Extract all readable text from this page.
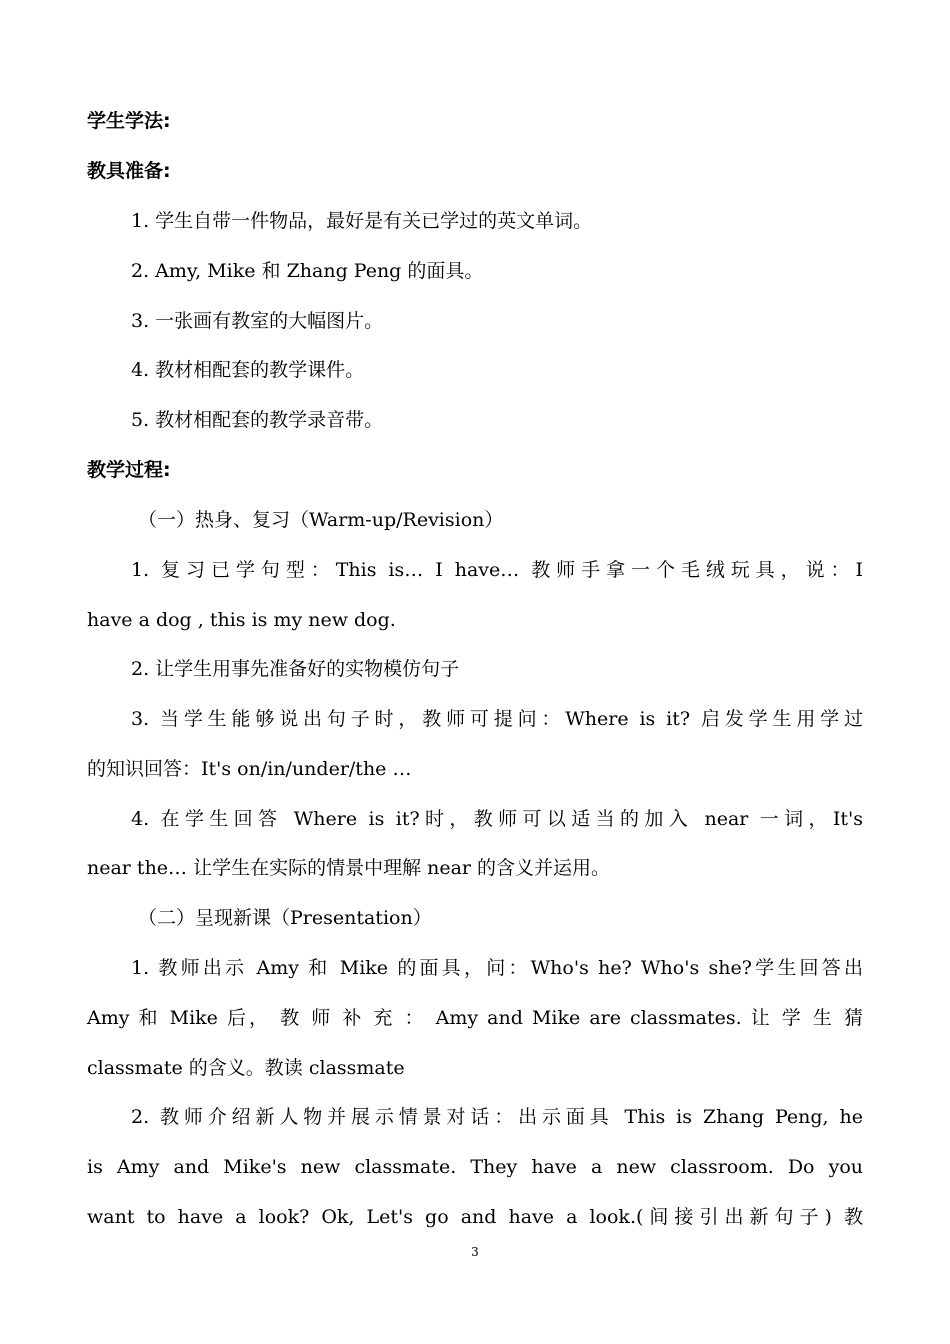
学生学法:
教具准备:
1. 学生自带一件物品，最好是有关已学过的英文单词。
2. Amy, Mike 和 Zhang Peng 的面具。
3. 一张画有教室的大幅图片。
4. 教材相配套的教学课件。
5. 教材相配套的教学录音带。
教学过程:
（一）热身、复习（Warm-up/Revision）
1. 复习已学句型：This is… I have… 教师手拿一个毛绒玩具，说：I
have a dog , this is my new dog.
2. 让学生用事先准备好的实物模仿句子
3. 当学生能够说出句子时，教师可提问：Where is it? 启发学生用学过
的知识回答：It's on/in/under/the …
4. 在学生回答 Where is it?时，教师可以适当的加入 near 一词，It's
near the… 让学生在实际的情景中理解 near 的含义并运用。
（二）呈现新课（Presentation）
1. 教师出示 Amy 和 Mike 的面具，问：Who's he? Who's she?学生回答出
Amy 和 Mike 后， 教 师 补 充 ： Amy and Mike are classmates. 让 学 生 猜
classmate 的含义。教读 classmate
2. 教师介绍新人物并展示情景对话：出示面具 This is Zhang Peng, he
is Amy and Mike's new classmate. They have a new classroom. Do you
want to have a look? Ok, Let's go and have a look.(间接引出新句子) 教
3
